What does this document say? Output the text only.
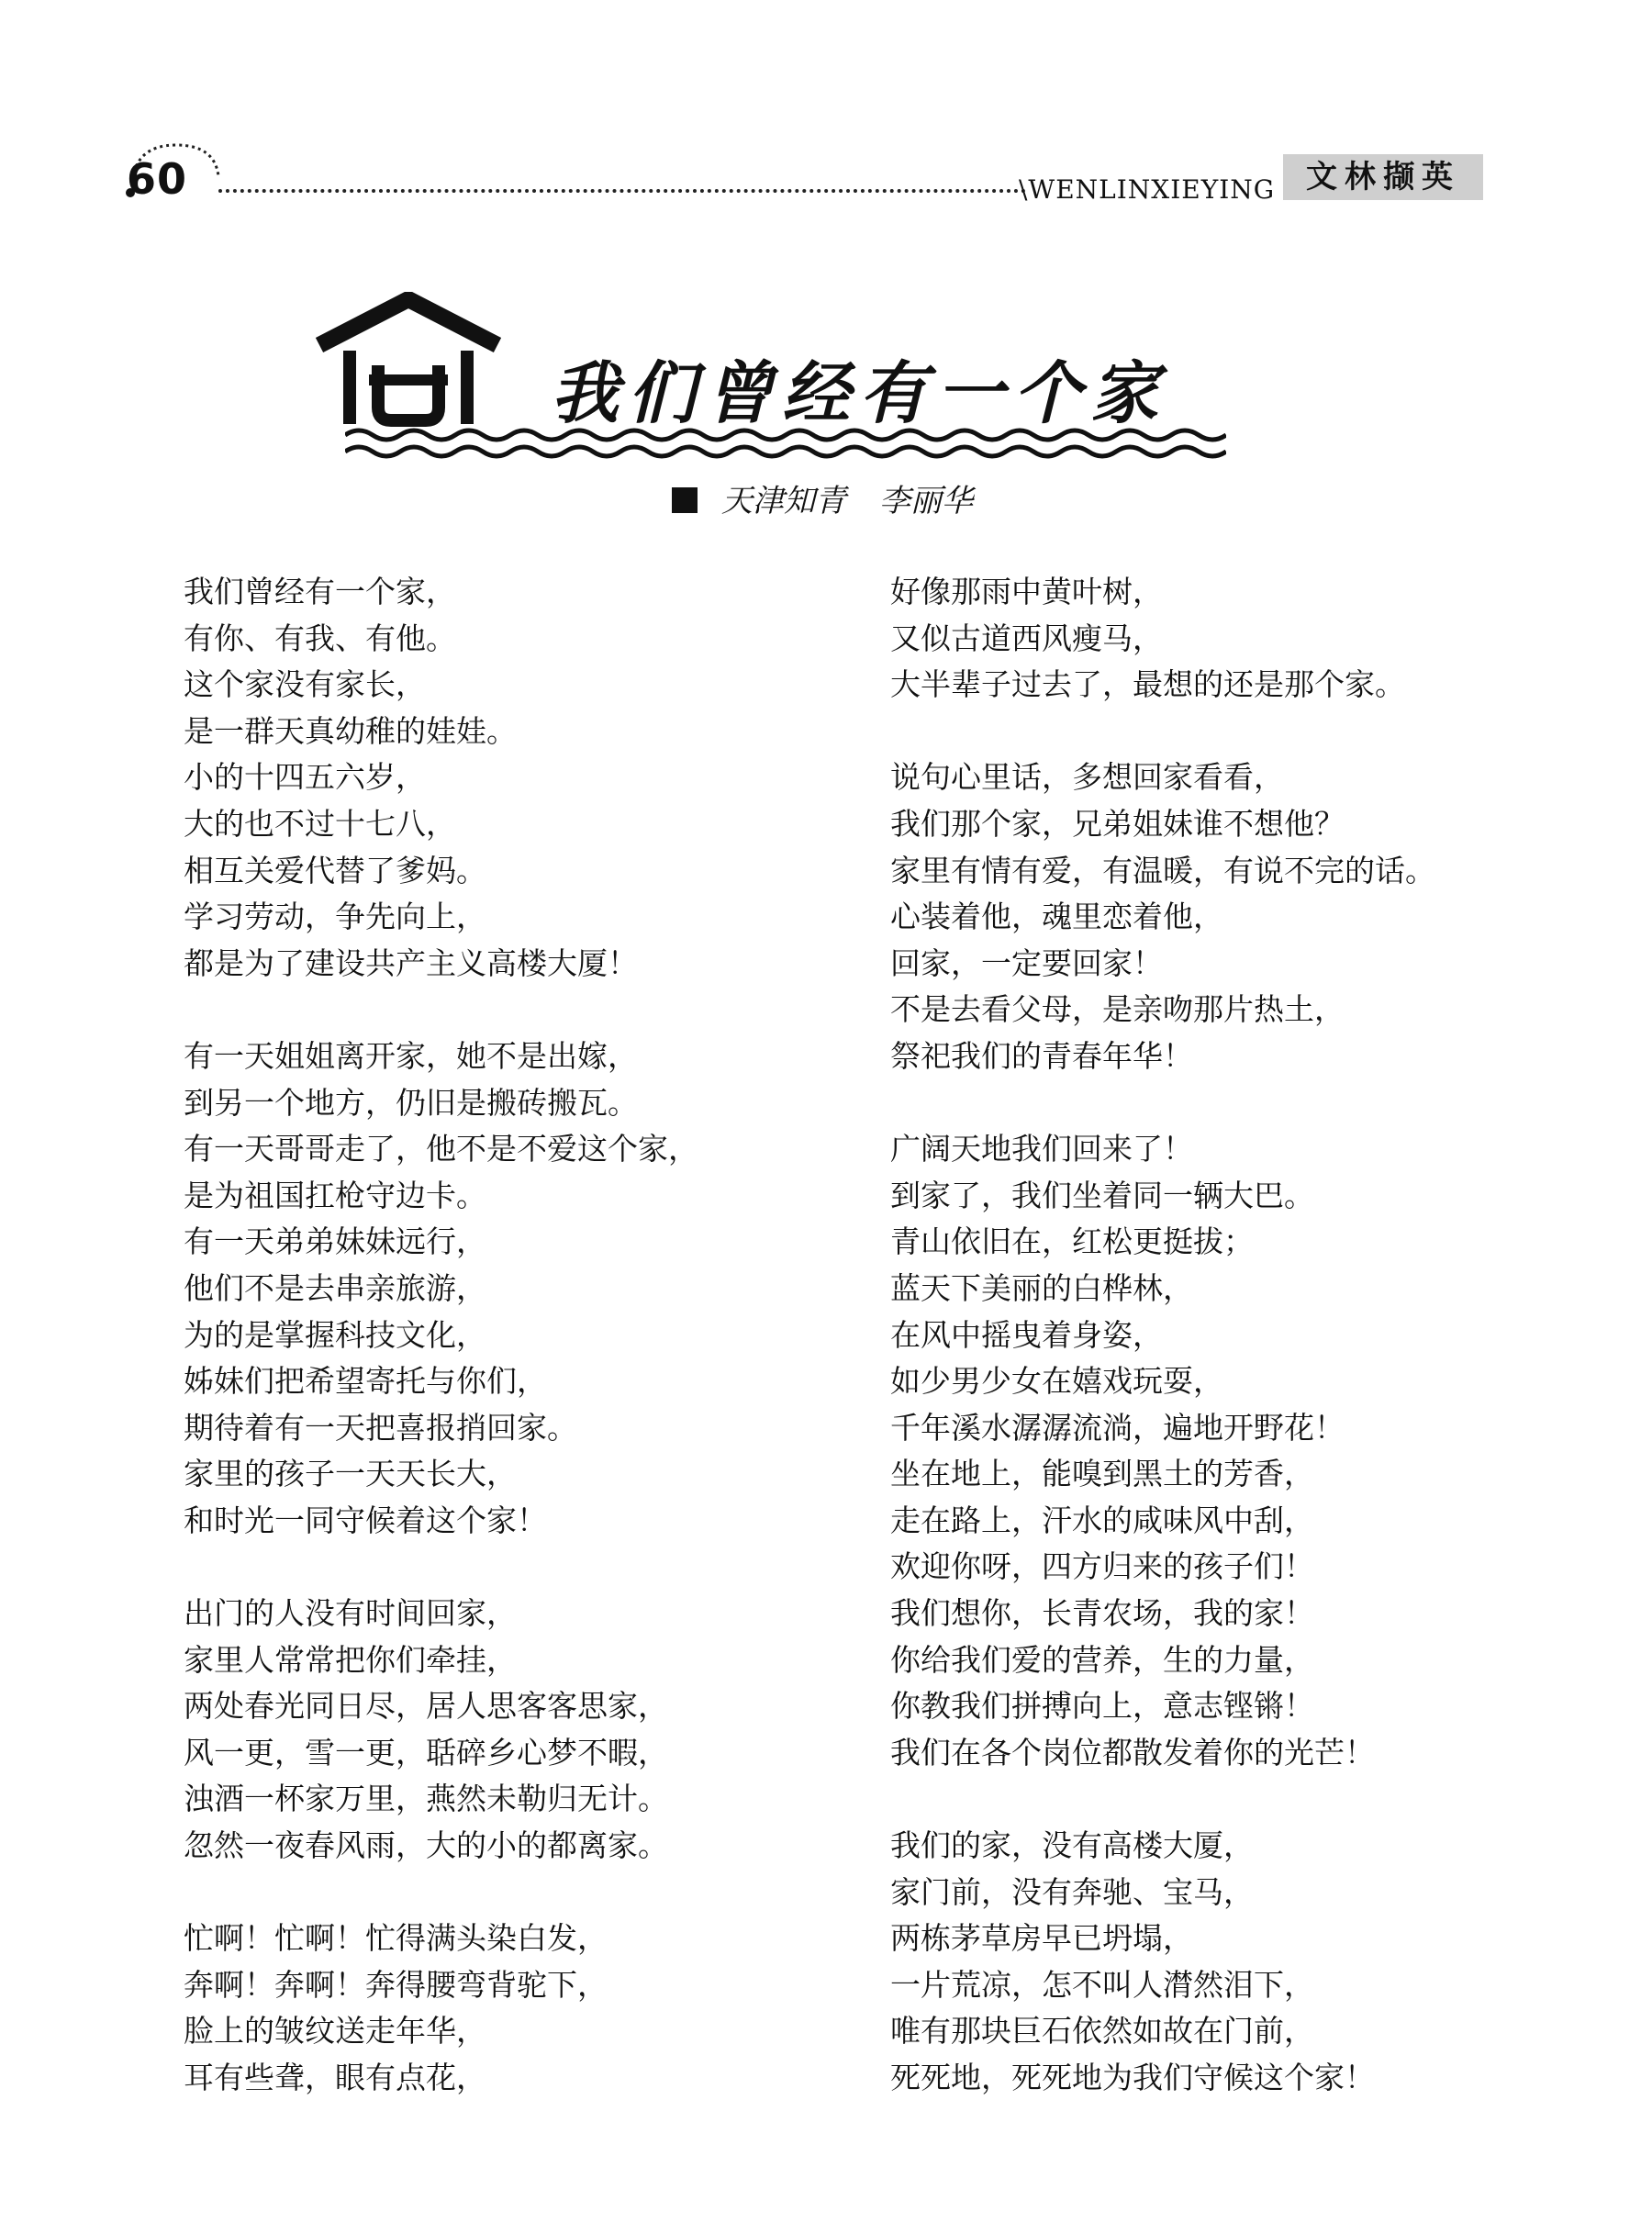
60	\WENLINXIEYING 文林撷英
我们曾经有一个家
天津知青 李丽华
我们曾经有一个家，
有你、有我、有他。
这个家没有家长，
是一群天真幼稚的娃娃。
小的十四五六岁，
大的也不过十七八，
相互关爱代替了爹妈。
学习劳动，争先向上，
都是为了建设共产主义高楼大厦！
有一天姐姐离开家，她不是出嫁，
到另一个地方，仍旧是搬砖搬瓦。
有一天哥哥走了，他不是不爱这个家，
是为祖国扛枪守边卡。
有一天弟弟妹妹远行，
他们不是去串亲旅游，
为的是掌握科技文化，
姊妹们把希望寄托与你们，
期待着有一天把喜报捎回家。
家里的孩子一天天长大，
和时光一同守候着这个家！
出门的人没有时间回家，
家里人常常把你们牵挂，
两处春光同日尽，居人思客客思家，
风一更，雪一更，聒碎乡心梦不暇，
浊酒一杯家万里，燕然未勒归无计。
忽然一夜春风雨，大的小的都离家。
忙啊！忙啊！忙得满头染白发，
奔啊！奔啊！奔得腰弯背驼下，
脸上的皱纹送走年华，
耳有些聋，眼有点花，
好像那雨中黄叶树，
又似古道西风瘦马，
大半辈子过去了，最想的还是那个家。
说句心里话，多想回家看看，
我们那个家，兄弟姐妹谁不想他？
家里有情有爱，有温暖，有说不完的话。
心装着他，魂里恋着他，
回家，一定要回家！
不是去看父母，是亲吻那片热土，
祭祀我们的青春年华！
广阔天地我们回来了！
到家了，我们坐着同一辆大巴。
青山依旧在，红松更挺拔；
蓝天下美丽的白桦林，
在风中摇曳着身姿，
如少男少女在嬉戏玩耍，
千年溪水潺潺流淌，遍地开野花！
坐在地上，能嗅到黑土的芳香，
走在路上，汗水的咸味风中刮，
欢迎你呀，四方归来的孩子们！
我们想你，长青农场，我的家！
你给我们爱的营养，生的力量，
你教我们拼搏向上，意志铿锵！
我们在各个岗位都散发着你的光芒！
我们的家，没有高楼大厦，
家门前，没有奔驰、宝马，
两栋茅草房早已坍塌，
一片荒凉，怎不叫人潸然泪下，
唯有那块巨石依然如故在门前，
死死地，死死地为我们守候这个家！
